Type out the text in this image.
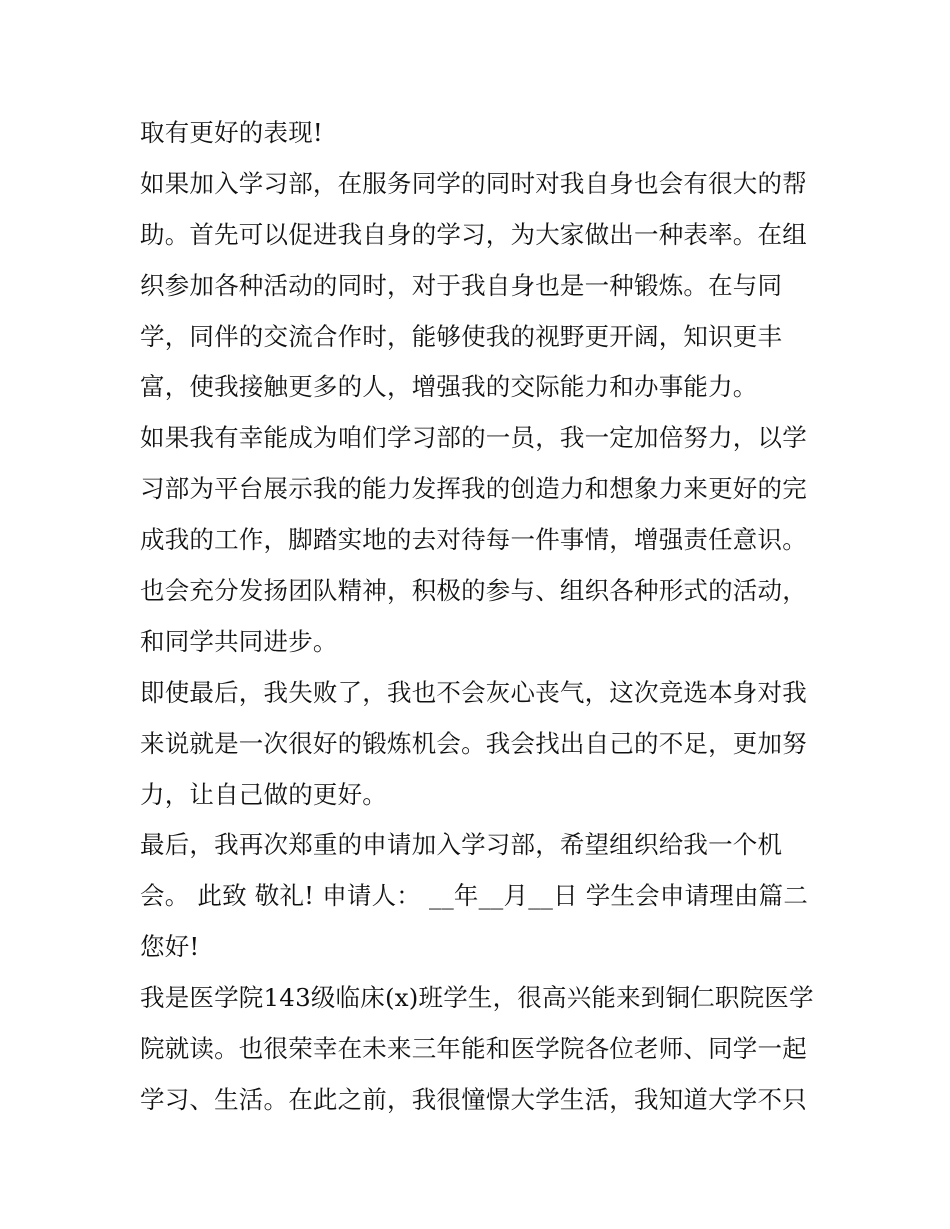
取有更好的表现!
如果加入学习部，在服务同学的同时对我自身也会有很大的帮
助。首先可以促进我自身的学习，为大家做出一种表率。在组
织参加各种活动的同时，对于我自身也是一种锻炼。在与同
学，同伴的交流合作时，能够使我的视野更开阔，知识更丰
富，使我接触更多的人，增强我的交际能力和办事能力。
如果我有幸能成为咱们学习部的一员，我一定加倍努力，以学
习部为平台展示我的能力发挥我的创造力和想象力来更好的完
成我的工作，脚踏实地的去对待每一件事情，增强责任意识。
也会充分发扬团队精神，积极的参与、组织各种形式的活动，
和同学共同进步。
即使最后，我失败了，我也不会灰心丧气，这次竞选本身对我
来说就是一次很好的锻炼机会。我会找出自己的不足，更加努
力，让自己做的更好。
最后，我再次郑重的申请加入学习部，希望组织给我一个机
会。 此致 敬礼! 申请人： __年__月__日 学生会申请理由篇二
您好!
我是医学院143级临床(x)班学生，很高兴能来到铜仁职院医学
院就读。也很荣幸在未来三年能和医学院各位老师、同学一起
学习、生活。在此之前，我很憧憬大学生活，我知道大学不只
